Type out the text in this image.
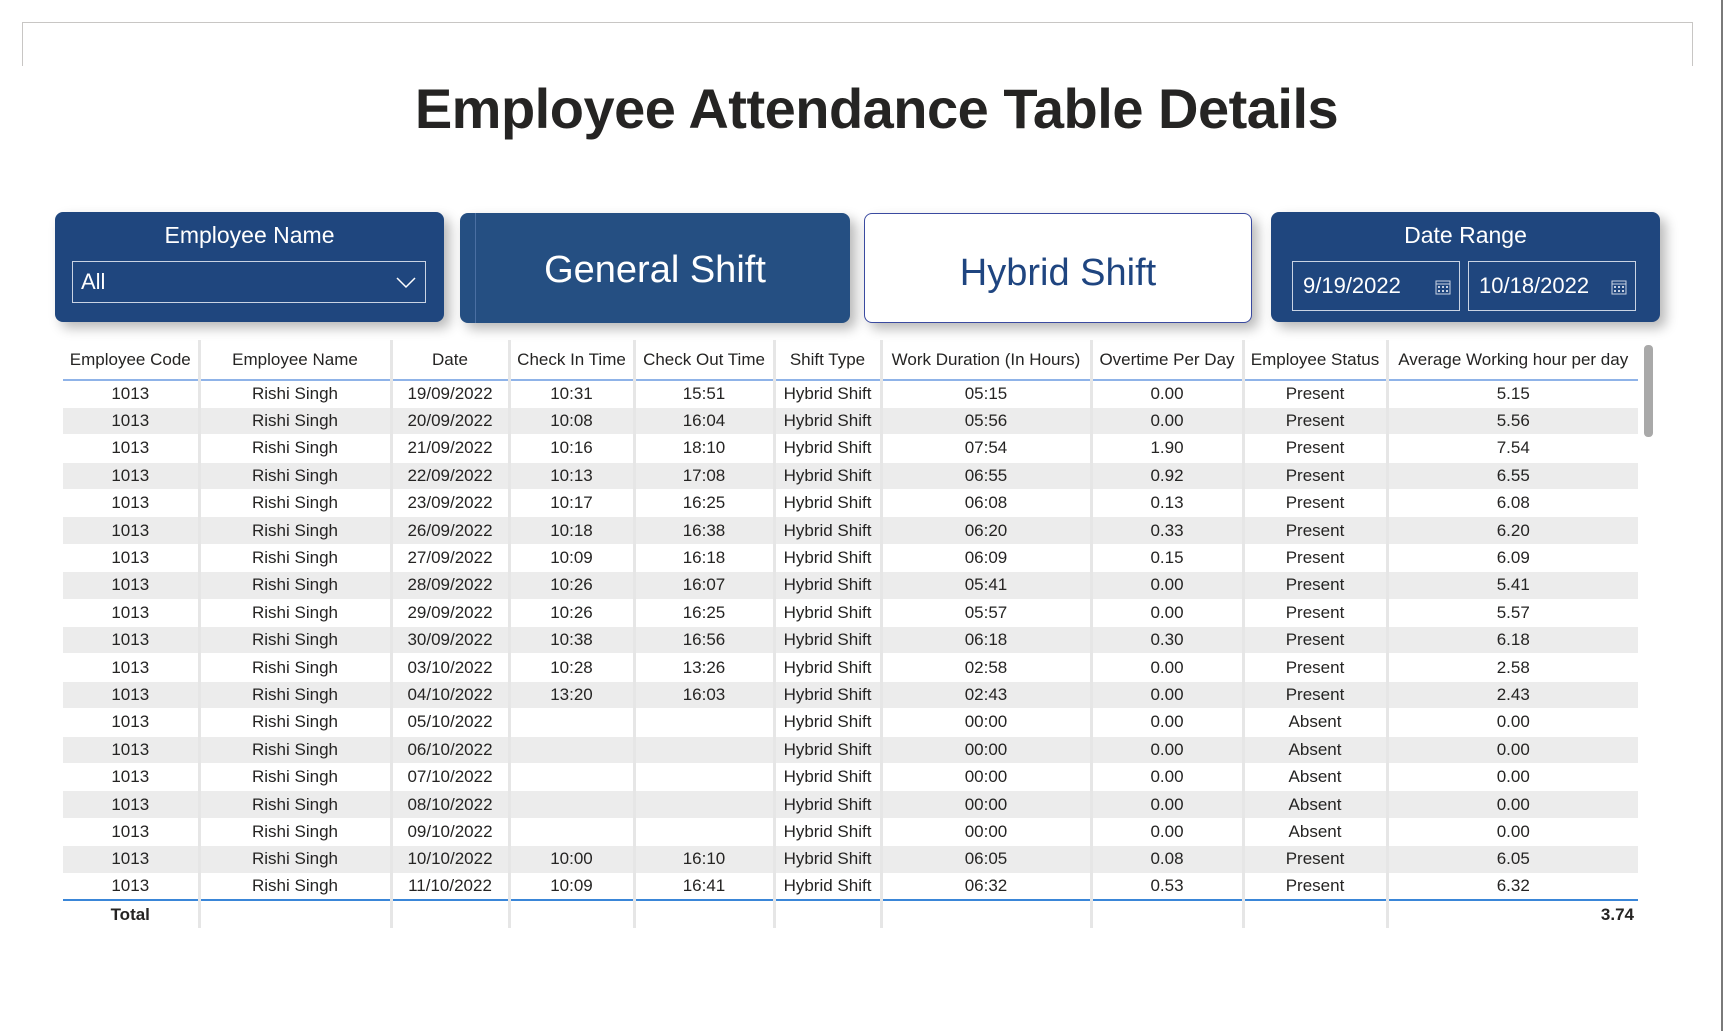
Employee Attendance Table Details
Employee Name
All	General Shift	Hybrid Shift
Date Range
9/19/2022	10/18/2022
Employee Code	Employee Name	Date	Check In Time	Check Out Time	Shift Type	Work Duration (In Hours)	Overtime Per Day	Employee Status	Average Working hour per day
1013	Rishi Singh	19/09/2022	10:31	15:51	Hybrid Shift	05:15	0.00	Present	5.15
1013	Rishi Singh	20/09/2022	10:08	16:04	Hybrid Shift	05:56	0.00	Present	5.56
1013	Rishi Singh	21/09/2022	10:16	18:10	Hybrid Shift	07:54	1.90	Present	7.54
1013	Rishi Singh	22/09/2022	10:13	17:08	Hybrid Shift	06:55	0.92	Present	6.55
1013	Rishi Singh	23/09/2022	10:17	16:25	Hybrid Shift	06:08	0.13	Present	6.08
1013	Rishi Singh	26/09/2022	10:18	16:38	Hybrid Shift	06:20	0.33	Present	6.20
1013	Rishi Singh	27/09/2022	10:09	16:18	Hybrid Shift	06:09	0.15	Present	6.09
1013	Rishi Singh	28/09/2022	10:26	16:07	Hybrid Shift	05:41	0.00	Present	5.41
1013	Rishi Singh	29/09/2022	10:26	16:25	Hybrid Shift	05:57	0.00	Present	5.57
1013	Rishi Singh	30/09/2022	10:38	16:56	Hybrid Shift	06:18	0.30	Present	6.18
1013	Rishi Singh	03/10/2022	10:28	13:26	Hybrid Shift	02:58	0.00	Present	2.58
1013	Rishi Singh	04/10/2022	13:20	16:03	Hybrid Shift	02:43	0.00	Present	2.43
1013	Rishi Singh	05/10/2022			Hybrid Shift	00:00	0.00	Absent	0.00
1013	Rishi Singh	06/10/2022			Hybrid Shift	00:00	0.00	Absent	0.00
1013	Rishi Singh	07/10/2022			Hybrid Shift	00:00	0.00	Absent	0.00
1013	Rishi Singh	08/10/2022			Hybrid Shift	00:00	0.00	Absent	0.00
1013	Rishi Singh	09/10/2022			Hybrid Shift	00:00	0.00	Absent	0.00
1013	Rishi Singh	10/10/2022	10:00	16:10	Hybrid Shift	06:05	0.08	Present	6.05
1013	Rishi Singh	11/10/2022	10:09	16:41	Hybrid Shift	06:32	0.53	Present	6.32
Total									3.74
